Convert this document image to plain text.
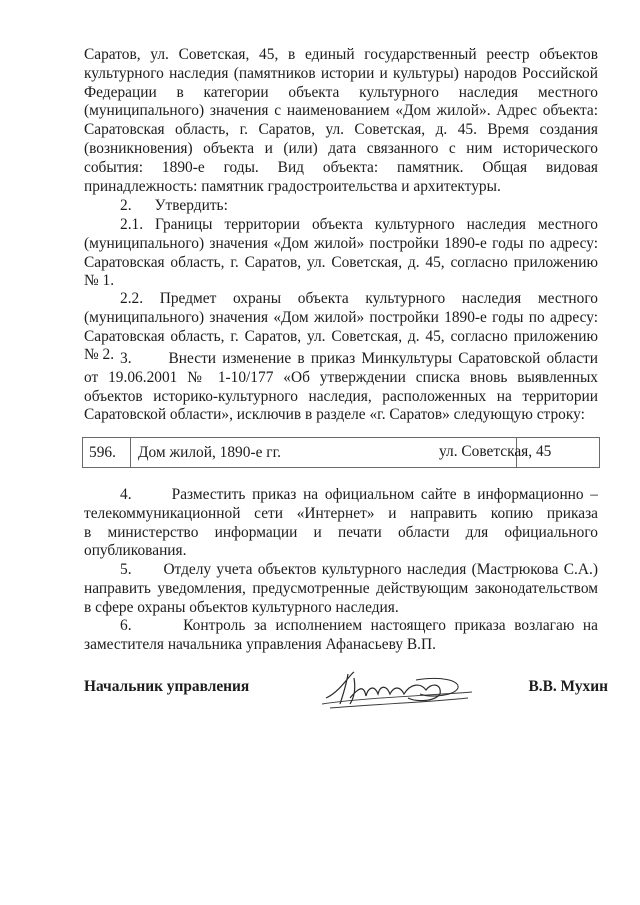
Саратов, ул. Советская, 45, в единый государственный реестр объектов
культурного наследия (памятников истории и культуры) народов Российской
Федерации в категории объекта культурного наследия местного
(муниципального) значения с наименованием «Дом жилой». Адрес объекта:
Саратовская область, г. Саратов, ул. Советская, д. 45. Время создания
(возникновения) объекта и (или) дата связанного с ним исторического
события: 1890-е годы. Вид объекта: памятник. Общая видовая
принадлежность: памятник градостроительства и архитектуры.
2.      Утвердить:
2.1. Границы территории объекта культурного наследия местного
(муниципального) значения «Дом жилой» постройки 1890-е годы по адресу:
Саратовская область, г. Саратов, ул. Советская, д. 45, согласно приложению
№ 1.
2.2. Предмет охраны объекта культурного наследия местного
(муниципального) значения «Дом жилой» постройки 1890-е годы по адресу:
Саратовская область, г. Саратов, ул. Советская, д. 45, согласно приложению
№ 2. 3.      Внести изменение в приказ Минкультуры Саратовской области
от 19.06.2001 № 1-10/177 «Об утверждении списка вновь выявленных
объектов историко-культурного наследия, расположенных на территории
Саратовской области», исключив в разделе «г. Саратов» следующую строку:
596.	Дом жилой, 1890-е гг.	ул. Советская, 45
4.      Разместить приказ на официальном сайте в информационно –
телекоммуникационной сети «Интернет» и направить копию приказа
в министерство информации и печати области для официального
опубликования.
5.      Отделу учета объектов культурного наследия (Мастрюкова С.А.)
направить уведомления, предусмотренные действующим законодательством
в сфере охраны объектов культурного наследия.
6.      Контроль за исполнением настоящего приказа возлагаю на
заместителя начальника управления Афанасьеву В.П.
Начальник управления	В.В. Мухин
